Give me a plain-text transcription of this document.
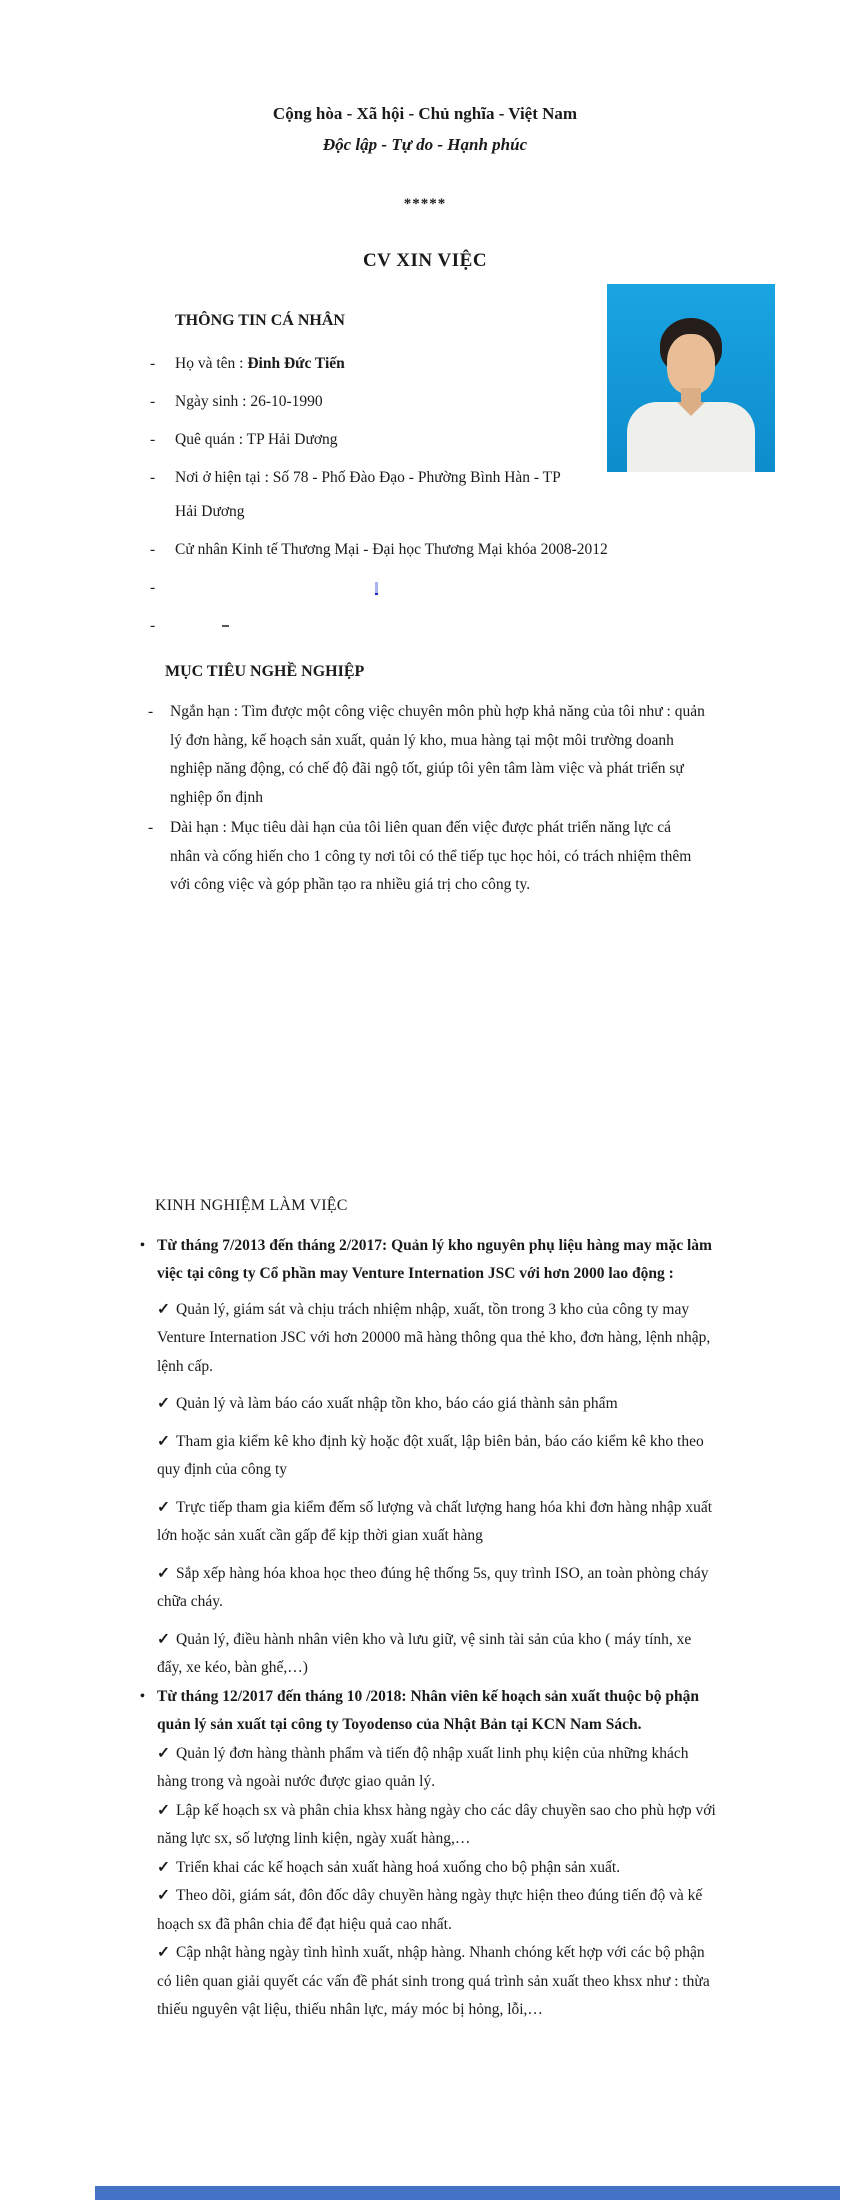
Cộng hòa - Xã hội - Chủ nghĩa - Việt Nam
Độc lập - Tự do - Hạnh phúc
*****
CV XIN VIỆC
THÔNG TIN CÁ NHÂN
-	Họ và tên : Đinh Đức Tiến
-	Ngày sinh : 26-10-1990
-	Quê quán : TP Hải Dương
-	Nơi ở hiện tại : Số 78 - Phố Đào Đạo - Phường Bình Hàn - TP Hải Dương
-	Cử nhân Kinh tế Thương Mại - Đại học Thương Mại khóa 2008-2012
-
-
MỤC TIÊU NGHỀ NGHIỆP
-	Ngắn hạn : Tìm được một công việc chuyên môn phù hợp khả năng của tôi như : quản lý đơn hàng, kế hoạch sản xuất, quản lý kho, mua hàng tại một môi trường doanh nghiệp năng động, có chế độ đãi ngộ tốt, giúp tôi yên tâm làm việc và phát triển sự nghiệp ổn định
-	Dài hạn : Mục tiêu dài hạn của tôi liên quan đến việc được phát triển năng lực cá nhân và cống hiến cho 1 công ty nơi tôi có thể tiếp tục học hỏi, có trách nhiệm thêm với công việc và góp phần tạo ra nhiều giá trị cho công ty.
KINH NGHIỆM LÀM VIỆC
• Từ tháng 7/2013 đến tháng 2/2017: Quản lý kho nguyên phụ liệu hàng may mặc làm việc tại công ty Cổ phần may Venture Internation JSC với hơn 2000 lao động :
✓ Quản lý, giám sát và chịu trách nhiệm nhập, xuất, tồn trong 3 kho của công ty may Venture Internation JSC với hơn 20000 mã hàng thông qua thẻ kho, đơn hàng, lệnh nhập, lệnh cấp.
✓ Quản lý và làm báo cáo xuất nhập tồn kho, báo cáo giá thành sản phẩm
✓ Tham gia kiểm kê kho định kỳ hoặc đột xuất, lập biên bản, báo cáo kiểm kê kho theo quy định của công ty
✓ Trực tiếp tham gia kiểm đếm số lượng và chất lượng hang hóa khi đơn hàng nhập xuất lớn hoặc sản xuất cần gấp để kịp thời gian xuất hàng
✓ Sắp xếp hàng hóa khoa học theo đúng hệ thống 5s, quy trình ISO, an toàn phòng cháy chữa cháy.
✓ Quản lý, điều hành nhân viên kho và lưu giữ, vệ sinh tài sản của kho ( máy tính, xe đẩy, xe kéo, bàn ghế,…)
• Từ tháng 12/2017 đến tháng 10 /2018: Nhân viên kế hoạch sản xuất thuộc bộ phận quản lý sản xuất tại công ty Toyodenso của Nhật Bản tại KCN Nam Sách.
✓ Quản lý đơn hàng thành phẩm và tiến độ nhập xuất linh phụ kiện của những khách hàng trong và ngoài nước được giao quản lý.
✓ Lập kế hoạch sx và phân chia khsx hàng ngày cho các dây chuyền sao cho phù hợp với năng lực sx, số lượng linh kiện, ngày xuất hàng,…
✓ Triển khai các kế hoạch sản xuất hàng hoá xuống cho bộ phận sản xuất.
✓ Theo dõi, giám sát, đôn đốc dây chuyền hàng ngày thực hiện theo đúng tiến độ và kế hoạch sx đã phân chia để đạt hiệu quả cao nhất.
✓ Cập nhật hàng ngày tình hình xuất, nhập hàng. Nhanh chóng kết hợp với các bộ phận có liên quan giải quyết các vấn đề phát sinh trong quá trình sản xuất theo khsx như : thừa thiếu nguyên vật liệu, thiếu nhân lực, máy móc bị hỏng, lỗi,…
